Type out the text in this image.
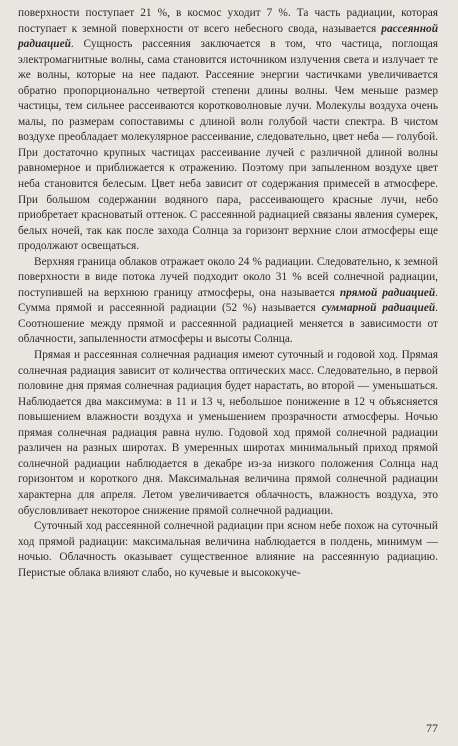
поверхности поступает 21 %, в космос уходит 7 %. Та часть радиации, которая поступает к земной поверхности от всего небесного свода, называется рассеянной радиацией. Сущность рассеяния заключается в том, что частица, поглощая электромагнитные волны, сама становится источником излучения света и излучает те же волны, которые на нее падают. Рассеяние энергии частичками увеличивается обратно пропорционально четвертой степени длины волны. Чем меньше размер частицы, тем сильнее рассеиваются коротковолновые лучи. Молекулы воздуха очень малы, по размерам сопоставимы с длиной волн голубой части спектра. В чистом воздухе преобладает молекулярное рассеивание, следовательно, цвет неба — голубой. При достаточно крупных частицах рассеивание лучей с различной длиной волны равномерное и приближается к отражению. Поэтому при запыленном воздухе цвет неба становится белесым. Цвет неба зависит от содержания примесей в атмосфере. При большом содержании водяного пара, рассеивающего красные лучи, небо приобретает красноватый оттенок. С рассеянной радиацией связаны явления сумерек, белых ночей, так как после захода Солнца за горизонт верхние слои атмосферы еще продолжают освещаться.

Верхняя граница облаков отражает около 24 % радиации. Следовательно, к земной поверхности в виде потока лучей подходит около 31 % всей солнечной радиации, поступившей на верхнюю границу атмосферы, она называется прямой радиацией. Сумма прямой и рассеянной радиации (52 %) называется суммарной радиацией. Соотношение между прямой и рассеянной радиацией меняется в зависимости от облачности, запыленности атмосферы и высоты Солнца.

Прямая и рассеянная солнечная радиация имеют суточный и годовой ход. Прямая солнечная радиация зависит от количества оптических масс. Следовательно, в первой половине дня прямая солнечная радиация будет нарастать, во второй — уменьшаться. Наблюдается два максимума: в 11 и 13 ч, небольшое понижение в 12 ч объясняется повышением влажности воздуха и уменьшением прозрачности атмосферы. Ночью прямая солнечная радиация равна нулю. Годовой ход прямой солнечной радиации различен на разных широтах. В умеренных широтах минимальный приход прямой солнечной радиации наблюдается в декабре из-за низкого положения Солнца над горизонтом и короткого дня. Максимальная величина прямой солнечной радиации характерна для апреля. Летом увеличивается облачность, влажность воздуха, это обусловливает некоторое снижение прямой солнечной радиации.

Суточный ход рассеянной солнечной радиации при ясном небе похож на суточный ход прямой радиации: максимальная величина наблюдается в полдень, минимум — ночью. Облачность оказывает существенное влияние на рассеянную радиацию. Перистые облака влияют слабо, но кучевые и высококуче-

77
